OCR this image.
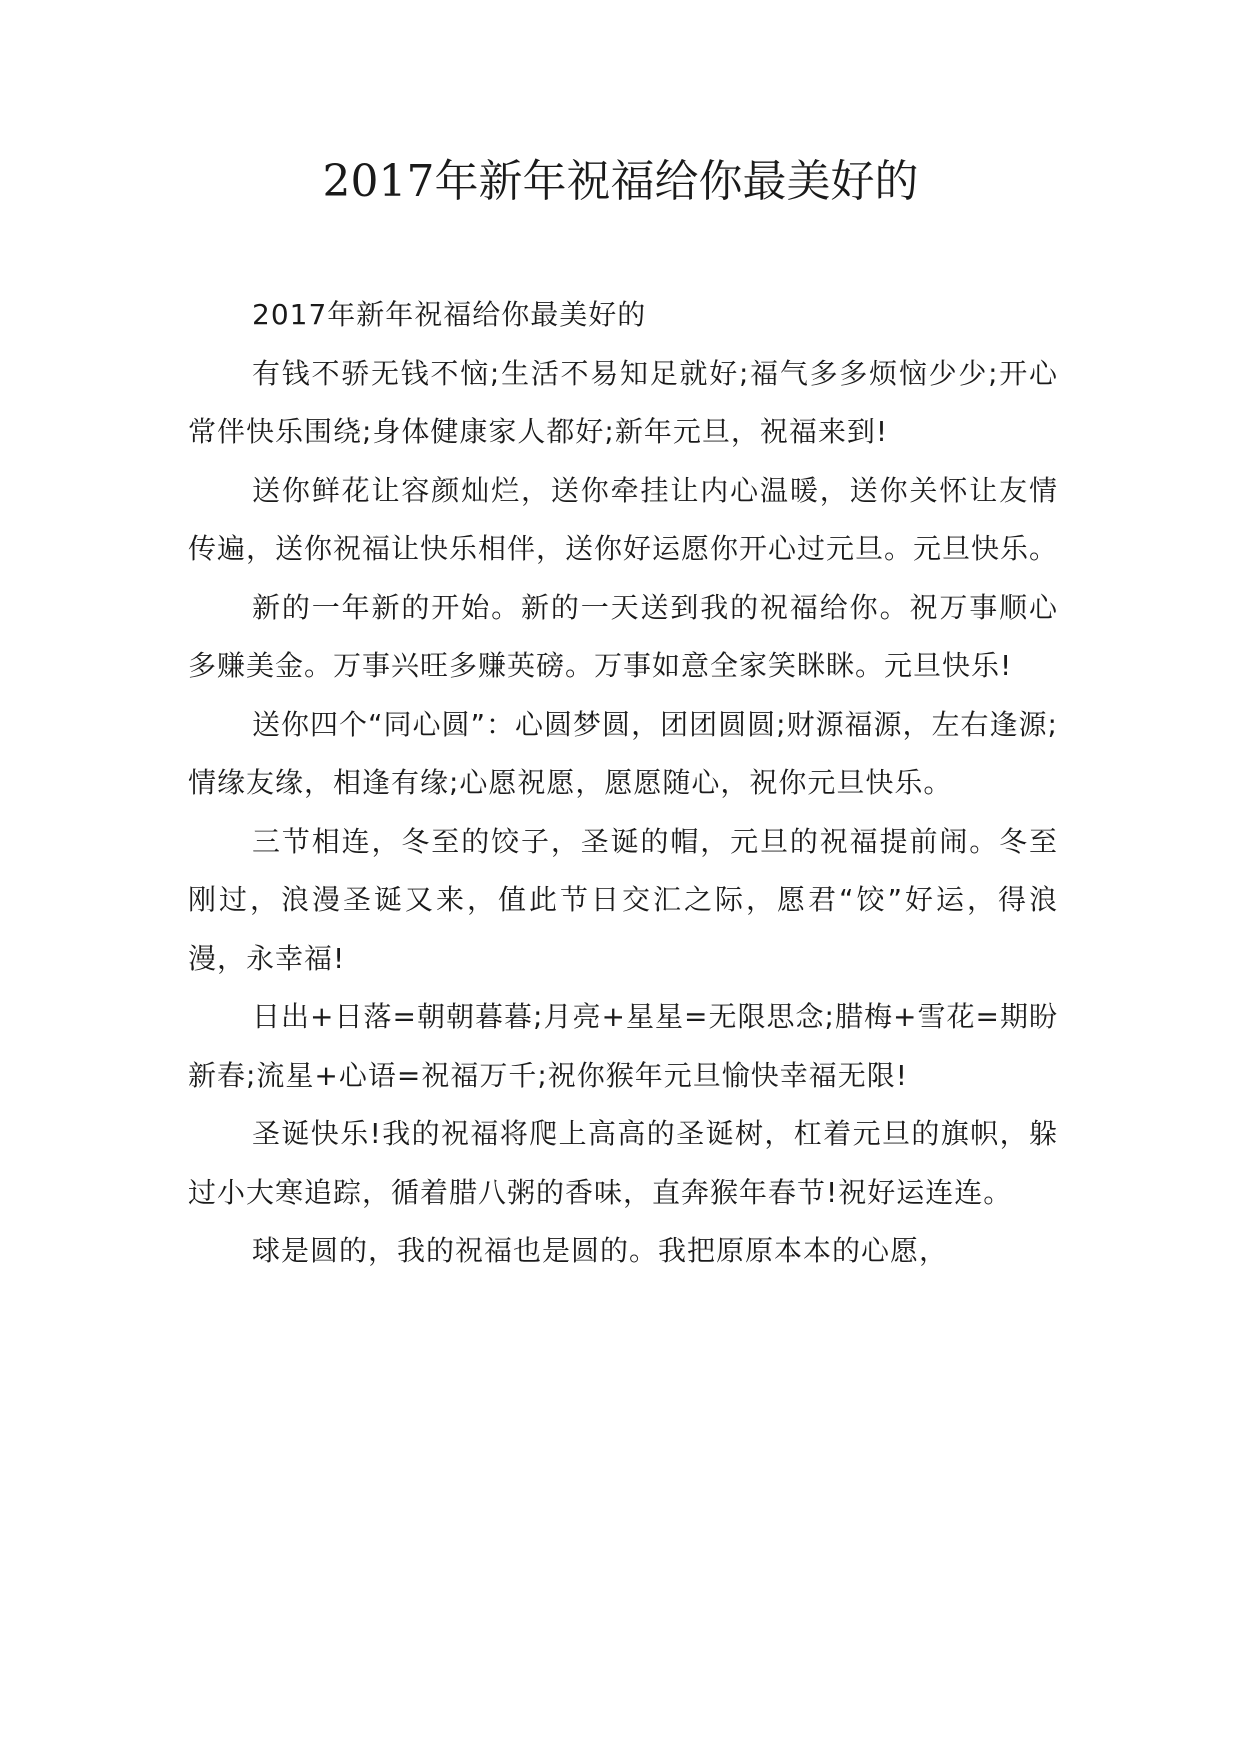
2017年新年祝福给你最美好的

2017年新年祝福给你最美好的

有钱不骄无钱不恼;生活不易知足就好;福气多多烦恼少少;开心常伴快乐围绕;身体健康家人都好;新年元旦，祝福来到!

送你鲜花让容颜灿烂，送你牵挂让内心温暖，送你关怀让友情传遍，送你祝福让快乐相伴，送你好运愿你开心过元旦。元旦快乐。

新的一年新的开始。新的一天送到我的祝福给你。祝万事顺心多赚美金。万事兴旺多赚英磅。万事如意全家笑眯眯。元旦快乐!

送你四个“同心圆”：心圆梦圆，团团圆圆;财源福源，左右逢源;情缘友缘，相逢有缘;心愿祝愿，愿愿随心，祝你元旦快乐。

三节相连，冬至的饺子，圣诞的帽，元旦的祝福提前闹。冬至刚过，浪漫圣诞又来，值此节日交汇之际，愿君“饺”好运，得浪漫，永幸福!

日出+日落=朝朝暮暮;月亮+星星=无限思念;腊梅+雪花=期盼新春;流星+心语=祝福万千;祝你猴年元旦愉快幸福无限!

圣诞快乐!我的祝福将爬上高高的圣诞树，杠着元旦的旗帜，躲过小大寒追踪，循着腊八粥的香味，直奔猴年春节!祝好运连连。

球是圆的，我的祝福也是圆的。我把原原本本的心愿，
